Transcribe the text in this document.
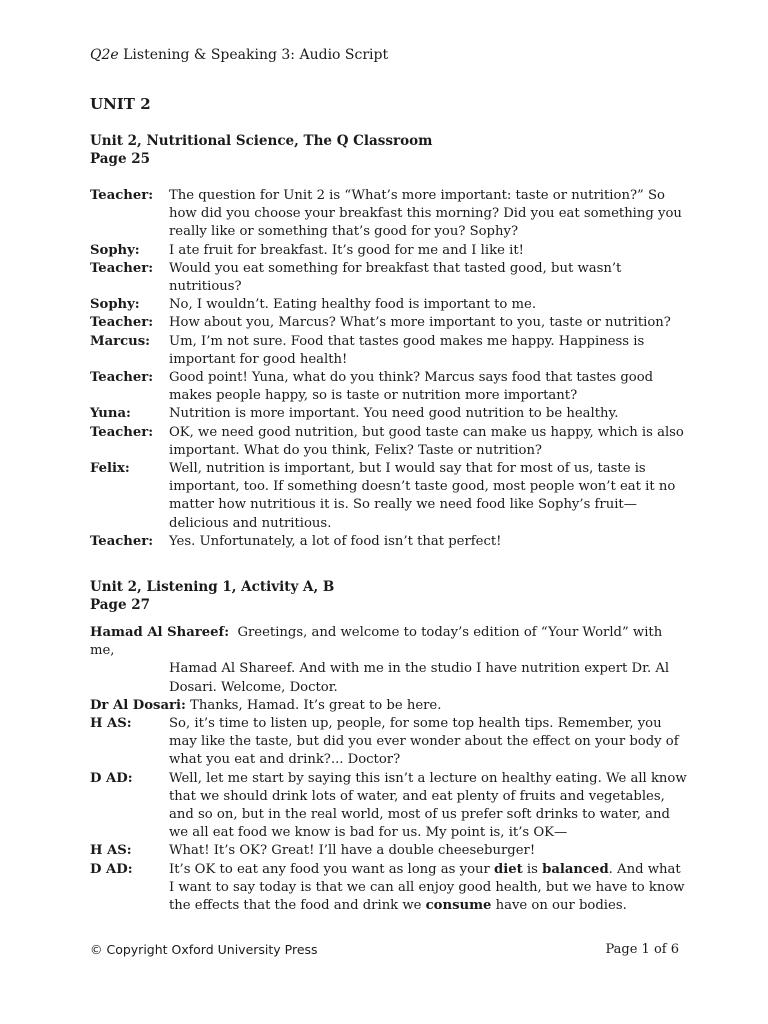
Q2e Listening & Speaking 3: Audio Script
UNIT 2
Unit 2, Nutritional Science, The Q Classroom
Page 25
Teacher:	The question for Unit 2 is “What’s more important: taste or nutrition?” So how did you choose your breakfast this morning? Did you eat something you really like or something that’s good for you? Sophy?
Sophy:	I ate fruit for breakfast. It’s good for me and I like it!
Teacher:	Would you eat something for breakfast that tasted good, but wasn’t nutritious?
Sophy:	No, I wouldn’t. Eating healthy food is important to me.
Teacher:	How about you, Marcus? What’s more important to you, taste or nutrition?
Marcus:	Um, I’m not sure. Food that tastes good makes me happy. Happiness is important for good health!
Teacher:	Good point! Yuna, what do you think? Marcus says food that tastes good makes people happy, so is taste or nutrition more important?
Yuna:	Nutrition is more important. You need good nutrition to be healthy.
Teacher:	OK, we need good nutrition, but good taste can make us happy, which is also important. What do you think, Felix? Taste or nutrition?
Felix:	Well, nutrition is important, but I would say that for most of us, taste is important, too. If something doesn’t taste good, most people won’t eat it no matter how nutritious it is. So really we need food like Sophy’s fruit—delicious and nutritious.
Teacher:	Yes. Unfortunately, a lot of food isn’t that perfect!
Unit 2, Listening 1, Activity A, B
Page 27
Hamad Al Shareef: Greetings, and welcome to today’s edition of “Your World” with me,
Hamad Al Shareef. And with me in the studio I have nutrition expert Dr. Al Dosari. Welcome, Doctor.
Dr Al Dosari: Thanks, Hamad. It’s great to be here.
H AS:	So, it’s time to listen up, people, for some top health tips. Remember, you may like the taste, but did you ever wonder about the effect on your body of what you eat and drink?... Doctor?
D AD:	Well, let me start by saying this isn’t a lecture on healthy eating. We all know that we should drink lots of water, and eat plenty of fruits and vegetables, and so on, but in the real world, most of us prefer soft drinks to water, and we all eat food we know is bad for us. My point is, it’s OK—
H AS:	What! It’s OK? Great! I’ll have a double cheeseburger!
D AD:	It’s OK to eat any food you want as long as your diet is balanced. And what I want to say today is that we can all enjoy good health, but we have to know the effects that the food and drink we consume have on our bodies.
© Copyright Oxford University Press	Page 1 of 6
